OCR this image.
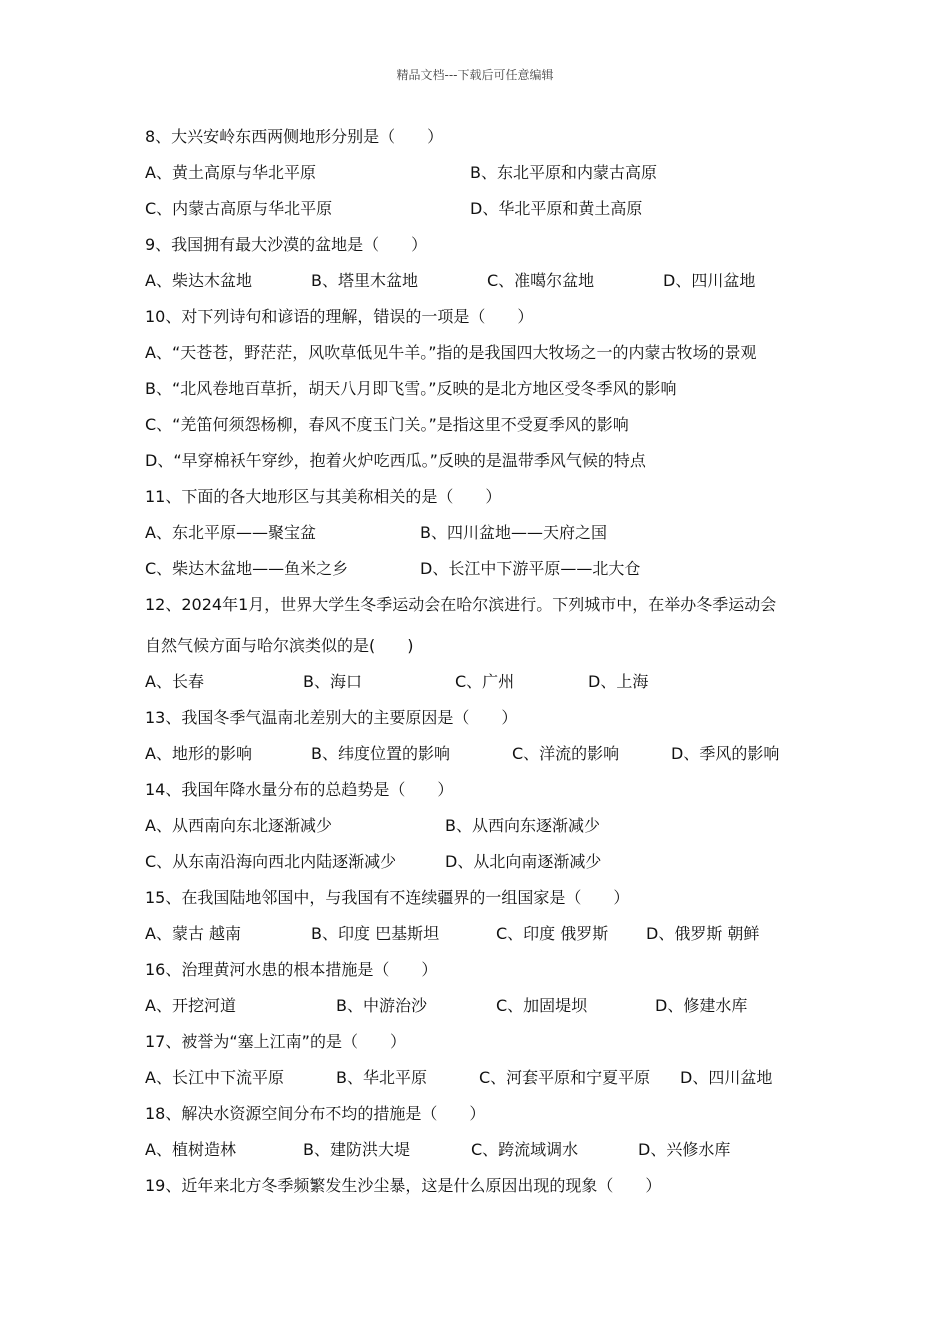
精品文档---下载后可任意编辑
8、大兴安岭东西两侧地形分别是（　　）
A、黄土高原与华北平原	B、东北平原和内蒙古高原
C、内蒙古高原与华北平原	D、华北平原和黄土高原
9、我国拥有最大沙漠的盆地是（　　）
A、柴达木盆地	B、塔里木盆地	C、准噶尔盆地	D、四川盆地
10、对下列诗句和谚语的理解，错误的一项是（　　）
A、“天苍苍，野茫茫，风吹草低见牛羊。”指的是我国四大牧场之一的内蒙古牧场的景观
B、“北风卷地百草折，胡天八月即飞雪。”反映的是北方地区受冬季风的影响
C、“羌笛何须怨杨柳，春风不度玉门关。”是指这里不受夏季风的影响
D、“早穿棉袄午穿纱，抱着火炉吃西瓜。”反映的是温带季风气候的特点
11、下面的各大地形区与其美称相关的是（　　）
A、东北平原——聚宝盆	B、四川盆地——天府之国
C、柴达木盆地——鱼米之乡	D、长江中下游平原——北大仓
12、2024年1月，世界大学生冬季运动会在哈尔滨进行。下列城市中，在举办冬季运动会
自然气候方面与哈尔滨类似的是(　　)
A、长春	B、海口	C、广州	D、上海
13、我国冬季气温南北差别大的主要原因是（　　）
A、地形的影响	B、纬度位置的影响	C、洋流的影响	D、季风的影响
14、我国年降水量分布的总趋势是（　　）
A、从西南向东北逐渐减少	B、从西向东逐渐减少
C、从东南沿海向西北内陆逐渐减少	D、从北向南逐渐减少
15、在我国陆地邻国中，与我国有不连续疆界的一组国家是（　　）
A、蒙古 越南	B、印度 巴基斯坦	C、印度 俄罗斯 D、俄罗斯 朝鲜
16、治理黄河水患的根本措施是（　　）
A、开挖河道	B、中游治沙	C、加固堤坝	D、修建水库
17、被誉为“塞上江南”的是（　　）
A、长江中下流平原	B、华北平原	C、河套平原和宁夏平原 D、四川盆地
18、解决水资源空间分布不均的措施是（　　）
A、植树造林	B、建防洪大堤	C、跨流域调水	D、兴修水库
19、近年来北方冬季频繁发生沙尘暴，这是什么原因出现的现象（　　）
